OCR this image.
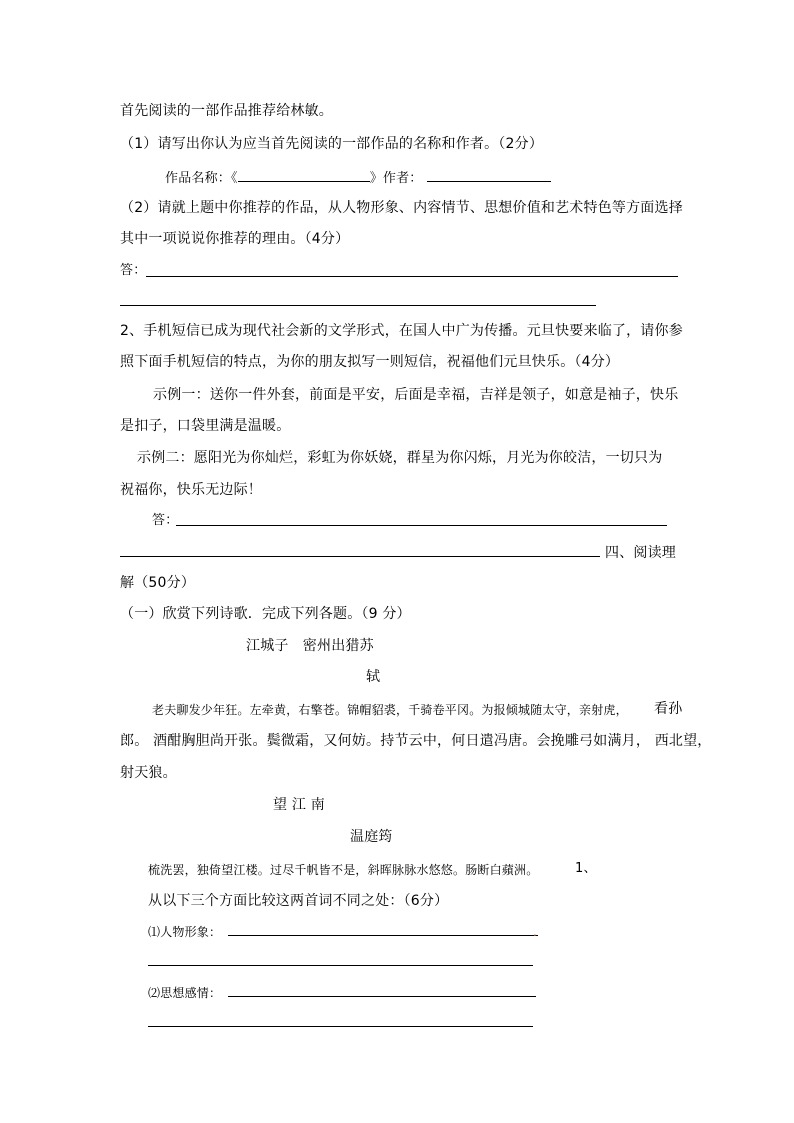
首先阅读的一部作品推荐给林敏。
（1）请写出你认为应当首先阅读的一部作品的名称和作者。（2分）
作品名称：《	》作者：
（2）请就上题中你推荐的作品，从人物形象、内容情节、思想价值和艺术特色等方面选择
其中一项说说你推荐的理由。（4分）
答：
2、手机短信已成为现代社会新的文学形式，在国人中广为传播。元旦快要来临了，请你参
照下面手机短信的特点，为你的朋友拟写一则短信，祝福他们元旦快乐。（4分）
示例一：送你一件外套，前面是平安，后面是幸福，吉祥是领子，如意是袖子，快乐
是扣子，口袋里满是温暖。
示例二：愿阳光为你灿烂，彩虹为你妖娆，群星为你闪烁，月光为你皎洁，一切只为
祝福你，快乐无边际！
答：
四、阅读理
解（50分）
（一）欣赏下列诗歌．完成下列各题。（9 分）
江城子　密州出猎苏
轼
老夫聊发少年狂。左牵黄，右擎苍。锦帽貂裘，千骑卷平冈。为报倾城随太守，亲射虎， 看孙
郎。 酒酣胸胆尚开张。鬓微霜，又何妨。持节云中，何日遣冯唐。会挽雕弓如满月， 西北望，
射天狼。
望 江 南
温庭筠
梳洗罢，独倚望江楼。过尽千帆皆不是，斜晖脉脉水悠悠。肠断白蘋洲。	1、
从以下三个方面比较这两首词不同之处：（6分）
⑴人物形象：	.
⑵思想感情：
